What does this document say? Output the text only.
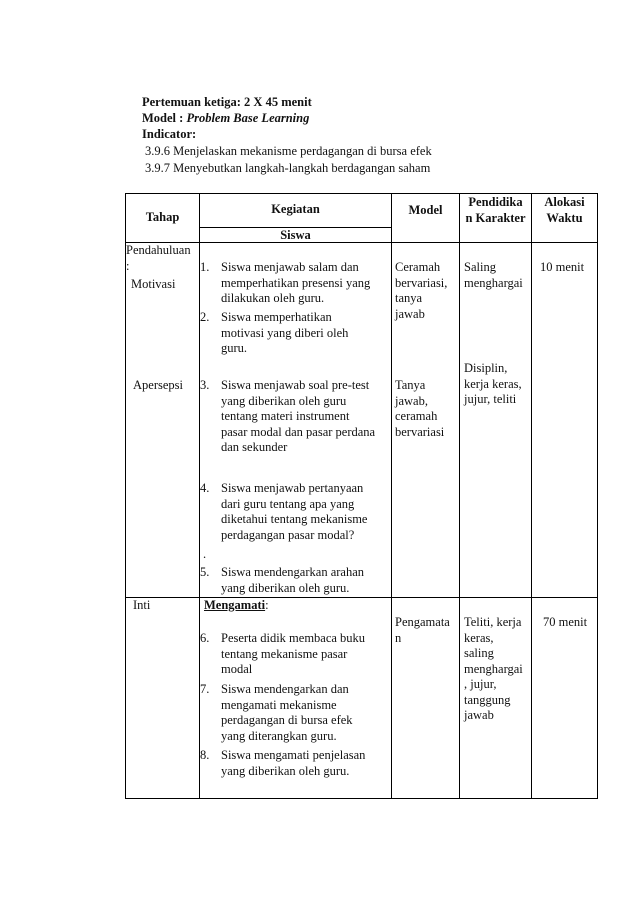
Pertemuan ketiga: 2 X 45 menit
Model : Problem Base Learning
Indicator:
3.9.6 Menjelaskan mekanisme perdagangan di bursa efek
3.9.7 Menyebutkan langkah-langkah berdagangan saham
Tahap
Kegiatan
Siswa
Model
Pendidika
n Karakter
Alokasi
Waktu
Pendahuluan
:
Motivasi
Apersepsi
1. Siswa menjawab salam dan
memperhatikan presensi yang
dilakukan oleh guru.
2. Siswa memperhatikan
motivasi yang diberi oleh
guru.
3. Siswa menjawab soal pre-test
yang diberikan oleh guru
tentang materi instrument
pasar modal dan pasar perdana
dan sekunder
4. Siswa menjawab pertanyaan
dari guru tentang apa yang
diketahui tentang mekanisme
perdagangan pasar modal?
.
5. Siswa mendengarkan arahan
yang diberikan oleh guru.
Ceramah
bervariasi,
tanya
jawab
Tanya
jawab,
ceramah
bervariasi
Saling
menghargai
Disiplin,
kerja keras,
jujur, teliti
10 menit
Inti	Mengamati:
6. Peserta didik membaca buku
tentang mekanisme pasar
modal
7. Siswa mendengarkan dan
mengamati mekanisme
perdagangan di bursa efek
yang diterangkan guru.
8. Siswa mengamati penjelasan
yang diberikan oleh guru.
Pengamata
n
Teliti, kerja
keras,
saling
menghargai
, jujur,
tanggung
jawab
70 menit
